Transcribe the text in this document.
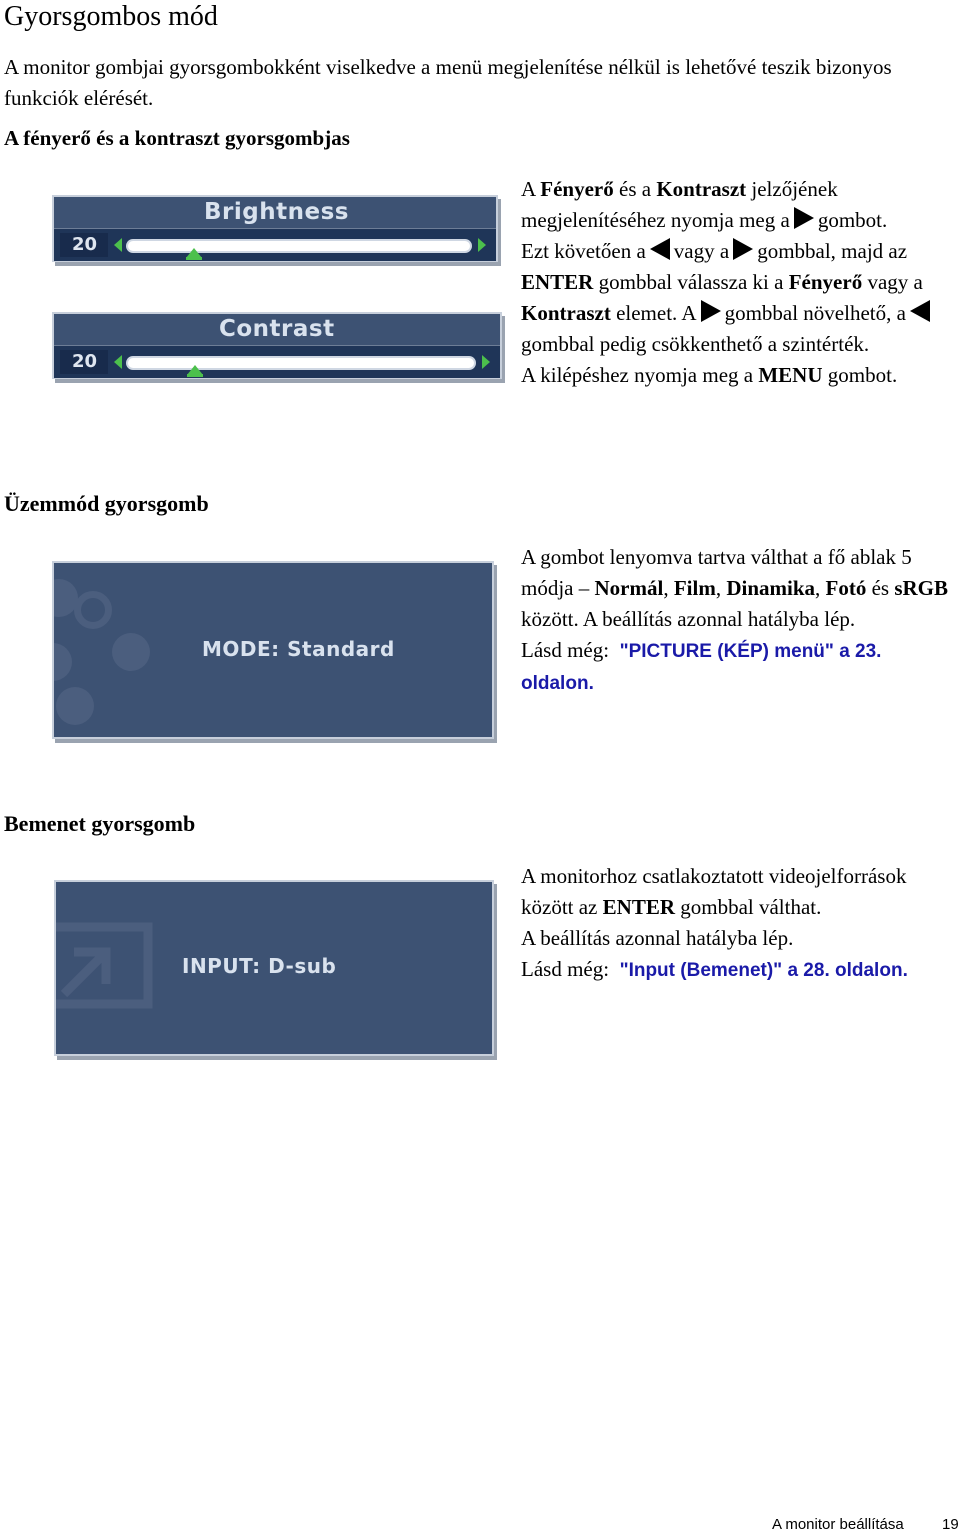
Gyorsgombos mód

A monitor gombjai gyorsgombokként viselkedve a menü megjelenítése nélkül is lehetővé teszik bizonyos funkciók elérését.

A fényerő és a kontraszt gyorsgombjas

Brightness
20
Contrast
20

A Fényerő és a Kontraszt jelzőjének megjelenítéséhez nyomja meg a gombot.
Ezt követően a vagy a gombbal, majd az ENTER gombbal válassza ki a Fényerő vagy a Kontraszt elemet. A gombbal növelhető, agombbal pedig csökkenthető a szintérték.
A kilépéshez nyomja meg a MENU gombot.

Üzemmód gyorsgomb

MODE: Standard

A gombot lenyomva tartva válthat a fő ablak 5 módja – Normál, Film, Dinamika, Fotó és sRGB között. A beállítás azonnal hatályba lép.
Lásd még: "PICTURE (KÉP) menü" a 23. oldalon.

Bemenet gyorsgomb

INPUT: D-sub

A monitorhoz csatlakoztatott videojelforrások között az ENTER gombbal válthat.
A beállítás azonnal hatályba lép.
Lásd még: "Input (Bemenet)" a 28. oldalon.

A monitor beállítása	19
